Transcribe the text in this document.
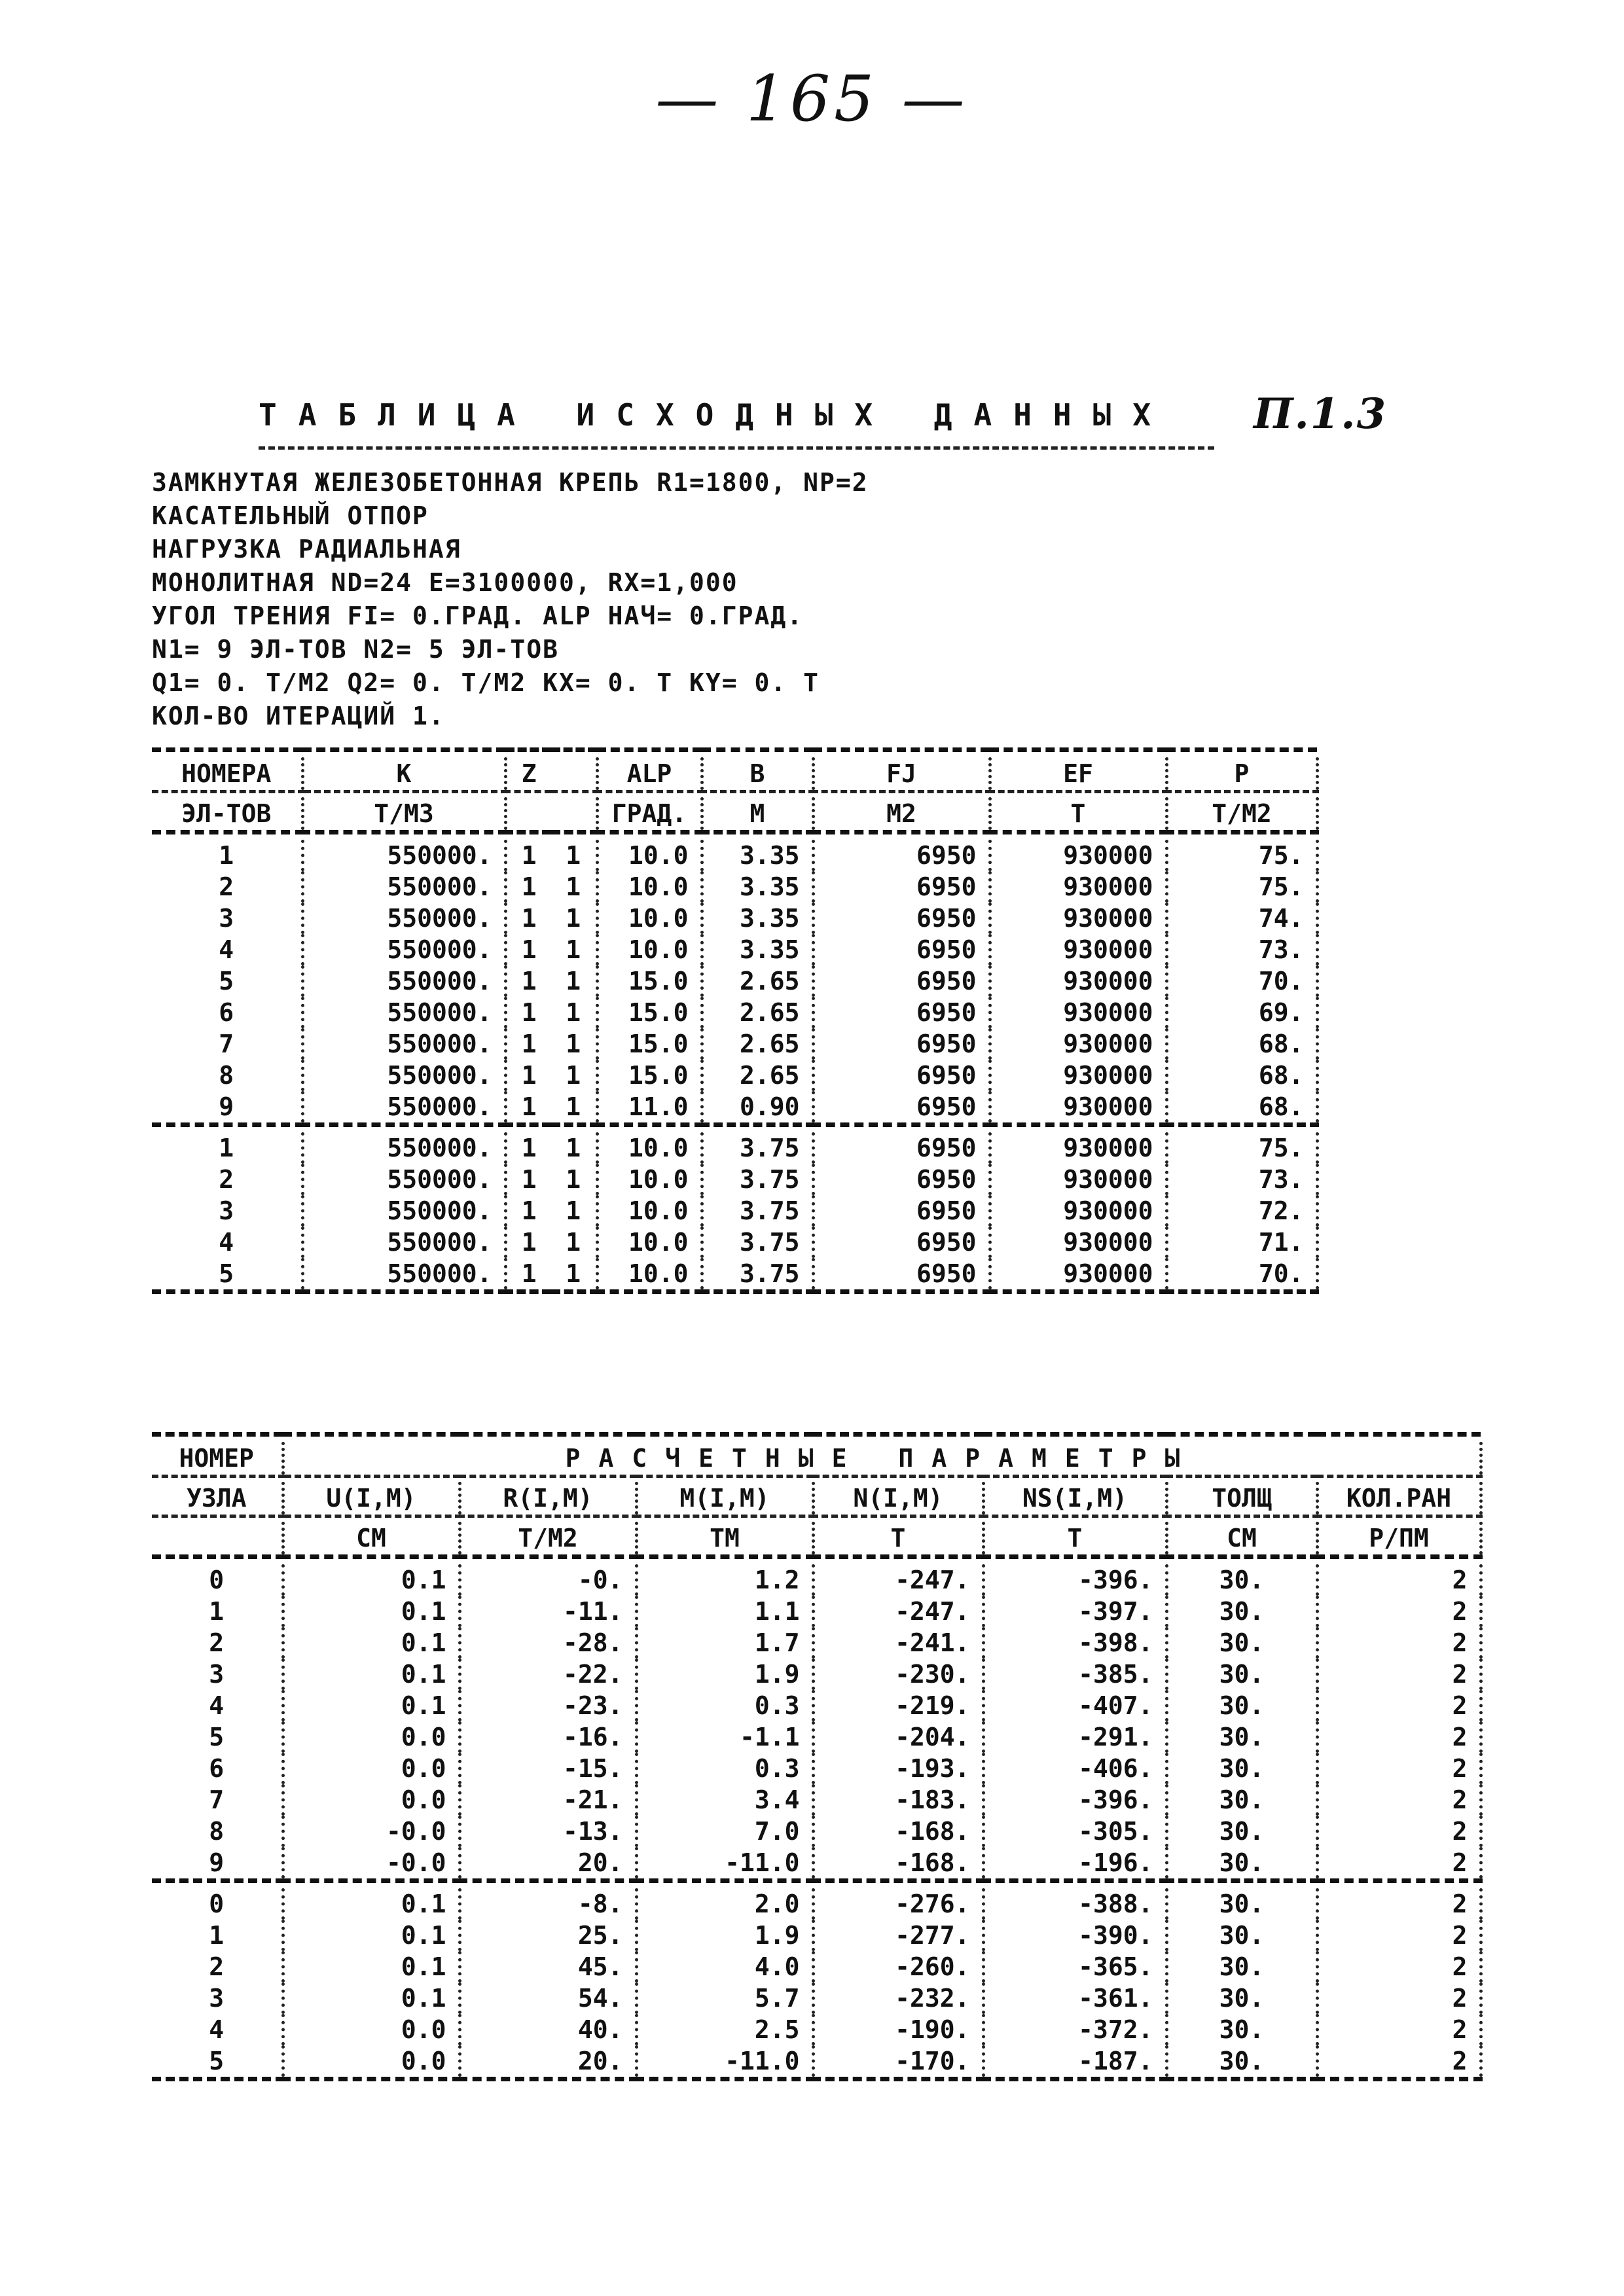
— 165 —
ТАБЛИЦА ИСХОДНЫХ ДАННЫХ П.1.3
ЗАМКНУТАЯ ЖЕЛЕЗОБЕТОННАЯ КРЕПЬ R1=1800, NP=2
КАСАТЕЛЬНЫЙ ОТПОР
НАГРУЗКА РАДИАЛЬНАЯ
МОНОЛИТНАЯ ND=24 E=3100000, RX=1,000
УГОЛ ТРЕНИЯ FI= 0.ГРАД. ALP НАЧ= 0.ГРАД.
N1= 9 ЭЛ-ТОВ N2= 5 ЭЛ-ТОВ
Q1= 0. Т/М2 Q2= 0. Т/М2 KX= 0. Т KY= 0. Т
КОЛ-ВО ИТЕРАЦИЙ 1.

НОМЕРА	K	Z		ALP	B	FJ	EF	P

ЭЛ-ТОВ	Т/М3			ГРАД.	М	М2	Т	Т/М2

1	550000.	1	1	10.0	3.35	6950	930000	75.
2	550000.	1	1	10.0	3.35	6950	930000	75.
3	550000.	1	1	10.0	3.35	6950	930000	74.
4	550000.	1	1	10.0	3.35	6950	930000	73.
5	550000.	1	1	15.0	2.65	6950	930000	70.
6	550000.	1	1	15.0	2.65	6950	930000	69.
7	550000.	1	1	15.0	2.65	6950	930000	68.
8	550000.	1	1	15.0	2.65	6950	930000	68.
9	550000.	1	1	11.0	0.90	6950	930000	68.

1	550000.	1	1	10.0	3.75	6950	930000	75.
2	550000.	1	1	10.0	3.75	6950	930000	73.
3	550000.	1	1	10.0	3.75	6950	930000	72.
4	550000.	1	1	10.0	3.75	6950	930000	71.
5	550000.	1	1	10.0	3.75	6950	930000	70.

НОМЕР	РАСЧЕТНЫЕ ПАРАМЕТРЫ						

УЗЛА	U(I,M)	R(I,M)	M(I,M)	N(I,M)	NS(I,M)	ТОЛЩ	КОЛ.РАН

	СМ	Т/М2	ТМ	Т	Т	СМ	Р/ПМ

0	0.1	-0.	1.2	-247.	-396.	30.	2
1	0.1	-11.	1.1	-247.	-397.	30.	2
2	0.1	-28.	1.7	-241.	-398.	30.	2
3	0.1	-22.	1.9	-230.	-385.	30.	2
4	0.1	-23.	0.3	-219.	-407.	30.	2
5	0.0	-16.	-1.1	-204.	-291.	30.	2
6	0.0	-15.	0.3	-193.	-406.	30.	2
7	0.0	-21.	3.4	-183.	-396.	30.	2
8	-0.0	-13.	7.0	-168.	-305.	30.	2
9	-0.0	20.	-11.0	-168.	-196.	30.	2

0	0.1	-8.	2.0	-276.	-388.	30.	2
1	0.1	25.	1.9	-277.	-390.	30.	2
2	0.1	45.	4.0	-260.	-365.	30.	2
3	0.1	54.	5.7	-232.	-361.	30.	2
4	0.0	40.	2.5	-190.	-372.	30.	2
5	0.0	20.	-11.0	-170.	-187.	30.	2
